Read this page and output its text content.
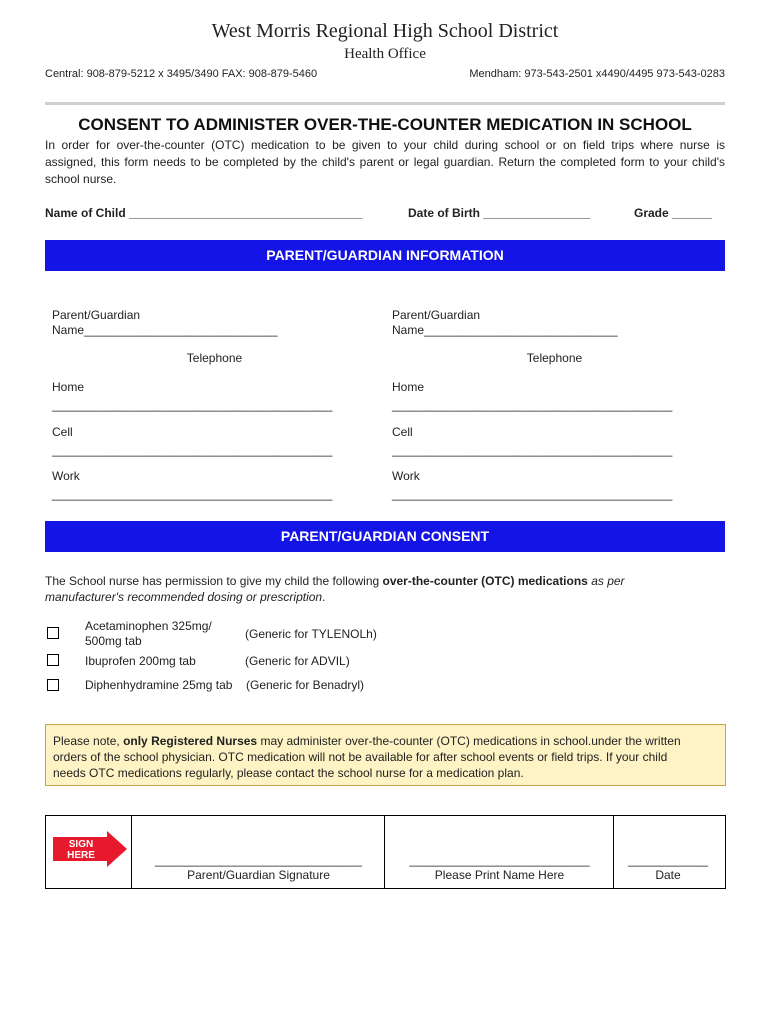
West Morris Regional High School District
Health Office
Central: 908-879-5212 x 3495/3490 FAX: 908-879-5460	Mendham: 973-543-2501 x4490/4495 973-543-0283
CONSENT TO ADMINISTER OVER-THE-COUNTER MEDICATION IN SCHOOL
In order for over-the-counter (OTC) medication to be given to your child during school or on field trips where nurse is
assigned, this form needs to be completed by the child's parent or legal guardian. Return the completed form to your child's
school nurse.
Name of Child ___________________________________	Date of Birth ________________	Grade ______
PARENT/GUARDIAN INFORMATION
Parent/Guardian
Name_____________________________
Telephone
Home
__________________________________________
Cell
__________________________________________
Work
__________________________________________
Parent/Guardian
Name_____________________________
Telephone
Home
__________________________________________
Cell
__________________________________________
Work
__________________________________________
PARENT/GUARDIAN CONSENT
The School nurse has permission to give my child the following over-the-counter (OTC) medications as per
manufacturer's recommended dosing or prescription.
Acetaminophen 325mg/
500mg tab	(Generic for TYLENOLh)
Ibuprofen 200mg tab	(Generic for ADVIL)
Diphenhydramine 25mg tab (Generic for Benadryl)
Please note, only Registered Nurses may administer over-the-counter (OTC) medications in school.under the written
orders of the school physician. OTC medication will not be available for after school events or field trips. If your child
needs OTC medications regularly, please contact the school nurse for a medication plan.
SIGN
HERE	_______________________________
Parent/Guardian Signature
___________________________
Please Print Name Here
____________
Date
